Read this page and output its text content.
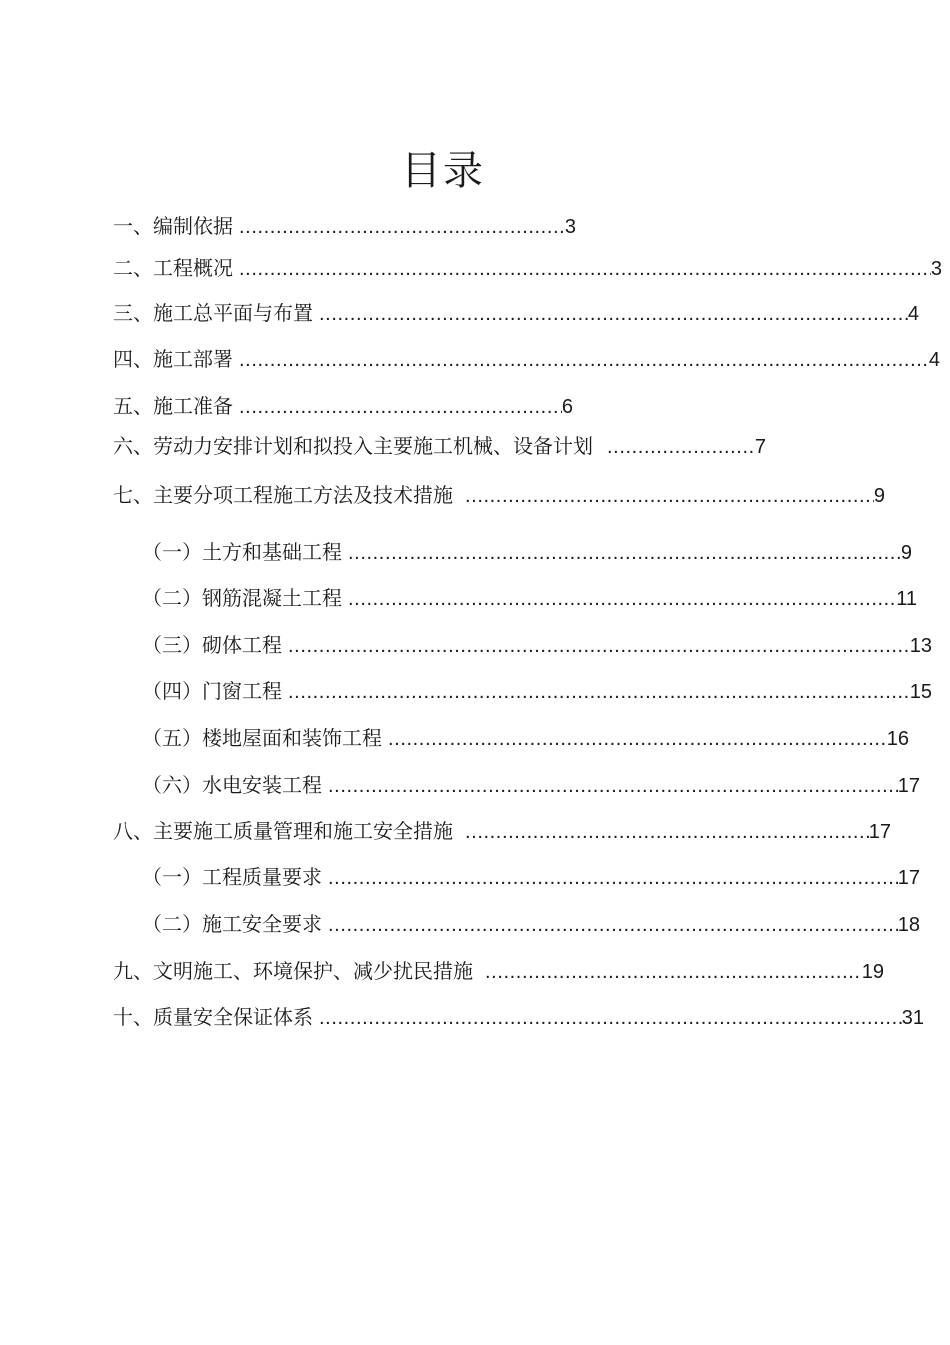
目录
一、 编制依据 .....	3
二、 工程概况 .....	3
三、 施工总平面与布置 .....	4
四、 施工部署 .....	4
五、 施工准备 .....	6
六、 劳动力安排计划和拟投入主要施工机械、设备计划 .....	7
七、 主要分项工程施工方法及技术措施 .....	9
（一） 土方和基础工程 .....	9
（二） 钢筋混凝土工程 .....	11
（三） 砌体工程 .....	13
（四） 门窗工程 .....	15
（五） 楼地屋面和装饰工程 .....	16
（六） 水电安装工程 .....	17
八、 主要施工质量管理和施工安全措施 .....	17
（一） 工程质量要求 .....	17
（二） 施工安全要求 .....	18
九、 文明施工、环境保护、减少扰民措施 .....	19
十、 质量安全保证体系 .....	31
